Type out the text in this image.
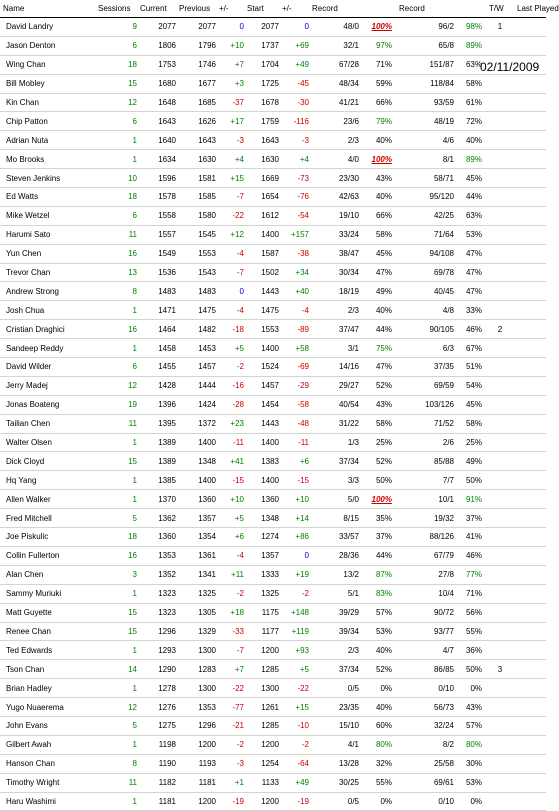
Name	Sessions	Current	Previous	+/-	Start	+/-	Record		Record		T/W	Last Played
David Landry	9	2077	2077	0	2077	0	48/0	100%	96/2	98%	1	
Jason Denton	6	1806	1796	+10	1737	+69	32/1	97%	65/8	89%		
Wing Chan	18	1753	1746	+7	1704	+49	67/28	71%	151/87	63%		
Bill Mobley	15	1680	1677	+3	1725	-45	48/34	59%	118/84	58%		
Kin Chan	12	1648	1685	-37	1678	-30	41/21	66%	93/59	61%		
Chip Patton	6	1643	1626	+17	1759	-116	23/6	79%	48/19	72%		
Adrian Nuta	1	1640	1643	-3	1643	-3	2/3	40%	4/6	40%		
Mo Brooks	1	1634	1630	+4	1630	+4	4/0	100%	8/1	89%		
Steven Jenkins	10	1596	1581	+15	1669	-73	23/30	43%	58/71	45%		
Ed Watts	18	1578	1585	-7	1654	-76	42/63	40%	95/120	44%		
Mike Wetzel	6	1558	1580	-22	1612	-54	19/10	66%	42/25	63%		
Harumi Sato	11	1557	1545	+12	1400	+157	33/24	58%	71/64	53%		
Yun Chen	16	1549	1553	-4	1587	-38	38/47	45%	94/108	47%		
Trevor Chan	13	1536	1543	-7	1502	+34	30/34	47%	69/78	47%		
Andrew Strong	8	1483	1483	0	1443	+40	18/19	49%	40/45	47%		
Josh Chua	1	1471	1475	-4	1475	-4	2/3	40%	4/8	33%		
Cristian Draghici	16	1464	1482	-18	1553	-89	37/47	44%	90/105	46%	2	
Sandeep Reddy	1	1458	1453	+5	1400	+58	3/1	75%	6/3	67%		
David Wilder	6	1455	1457	-2	1524	-69	14/16	47%	37/35	51%		
Jerry Madej	12	1428	1444	-16	1457	-29	29/27	52%	69/59	54%		
Jonas Boateng	19	1396	1424	-28	1454	-58	40/54	43%	103/126	45%		
Tailian Chen	11	1395	1372	+23	1443	-48	31/22	58%	71/52	58%		
Walter Olsen	1	1389	1400	-11	1400	-11	1/3	25%	2/6	25%		
Dick Cloyd	15	1389	1348	+41	1383	+6	37/34	52%	85/88	49%		
Hq Yang	1	1385	1400	-15	1400	-15	3/3	50%	7/7	50%		
Allen Walker	1	1370	1360	+10	1360	+10	5/0	100%	10/1	91%		
Fred Mitchell	5	1362	1357	+5	1348	+14	8/15	35%	19/32	37%		
Joe Piskulic	18	1360	1354	+6	1274	+86	33/57	37%	88/126	41%		
Collin Fullerton	16	1353	1361	-4	1357	0	28/36	44%	67/79	46%		
Alan Chen	3	1352	1341	+11	1333	+19	13/2	87%	27/8	77%		
Sammy Muriuki	1	1323	1325	-2	1325	-2	5/1	83%	10/4	71%		
Matt Guyette	15	1323	1305	+18	1175	+148	39/29	57%	90/72	56%		
Renee Chan	15	1296	1329	-33	1177	+119	39/34	53%	93/77	55%		
Ted Edwards	1	1293	1300	-7	1200	+93	2/3	40%	4/7	36%		
Tson Chan	14	1290	1283	+7	1285	+5	37/34	52%	86/85	50%	3	
Brian Hadley	1	1278	1300	-22	1300	-22	0/5	0%	0/10	0%		
Yugo Nuaerema	12	1276	1353	-77	1261	+15	23/35	40%	56/73	43%		
John Evans	5	1275	1296	-21	1285	-10	15/10	60%	32/24	57%		
Gilbert Awah	1	1198	1200	-2	1200	-2	4/1	80%	8/2	80%		
Hanson Chan	8	1190	1193	-3	1254	-64	13/28	32%	25/58	30%		
Timothy Wright	11	1182	1181	+1	1133	+49	30/25	55%	69/61	53%		
Haru Washimi	1	1181	1200	-19	1200	-19	0/5	0%	0/10	0%		
02/11/2009
